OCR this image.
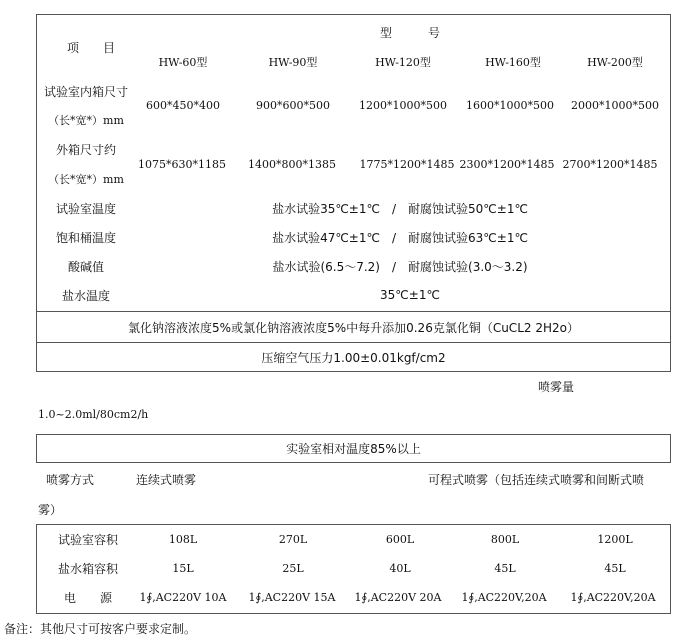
项　　目
型　　　号
HW-60型	HW-90型	HW-120型	HW-160型	HW-200型
试验室内箱尺寸
（长*宽*）mm
600*450*400	900*600*500	1200*1000*500	1600*1000*500	2000*1000*500
外箱尺寸约
（长*宽*）mm
1075*630*1185	1400*800*1385	1775*1200*1485 2300*1200*1485 2700*1200*1485
试验室温度	盐水试验35℃±1℃　/　耐腐蚀试验50℃±1℃
饱和桶温度	盐水试验47℃±1℃　/　耐腐蚀试验63℃±1℃
酸碱值	盐水试验(6.5～7.2)　/　耐腐蚀试验(3.0～3.2)
盐水温度	35℃±1℃
氯化钠溶液浓度5%或氯化钠溶液浓度5%中每升添加0.26克氯化铜（CuCL2 2H2o）
压缩空气压力1.00±0.01kgf/cm2
喷雾量
1.0~2.0ml/80cm2/h
实验室相对温度85%以上
喷雾方式	连续式喷雾	可程式喷雾（包括连续式喷雾和间断式喷
雾）
试验室容积	108L	270L	600L	800L	1200L
盐水箱容积	15L	25L	40L	45L	45L
电　　源	1∮,AC220V 10A	1∮,AC220V 15A	1∮,AC220V 20A	1∮,AC220V,20A	1∮,AC220V,20A
备注：其他尺寸可按客户要求定制。
